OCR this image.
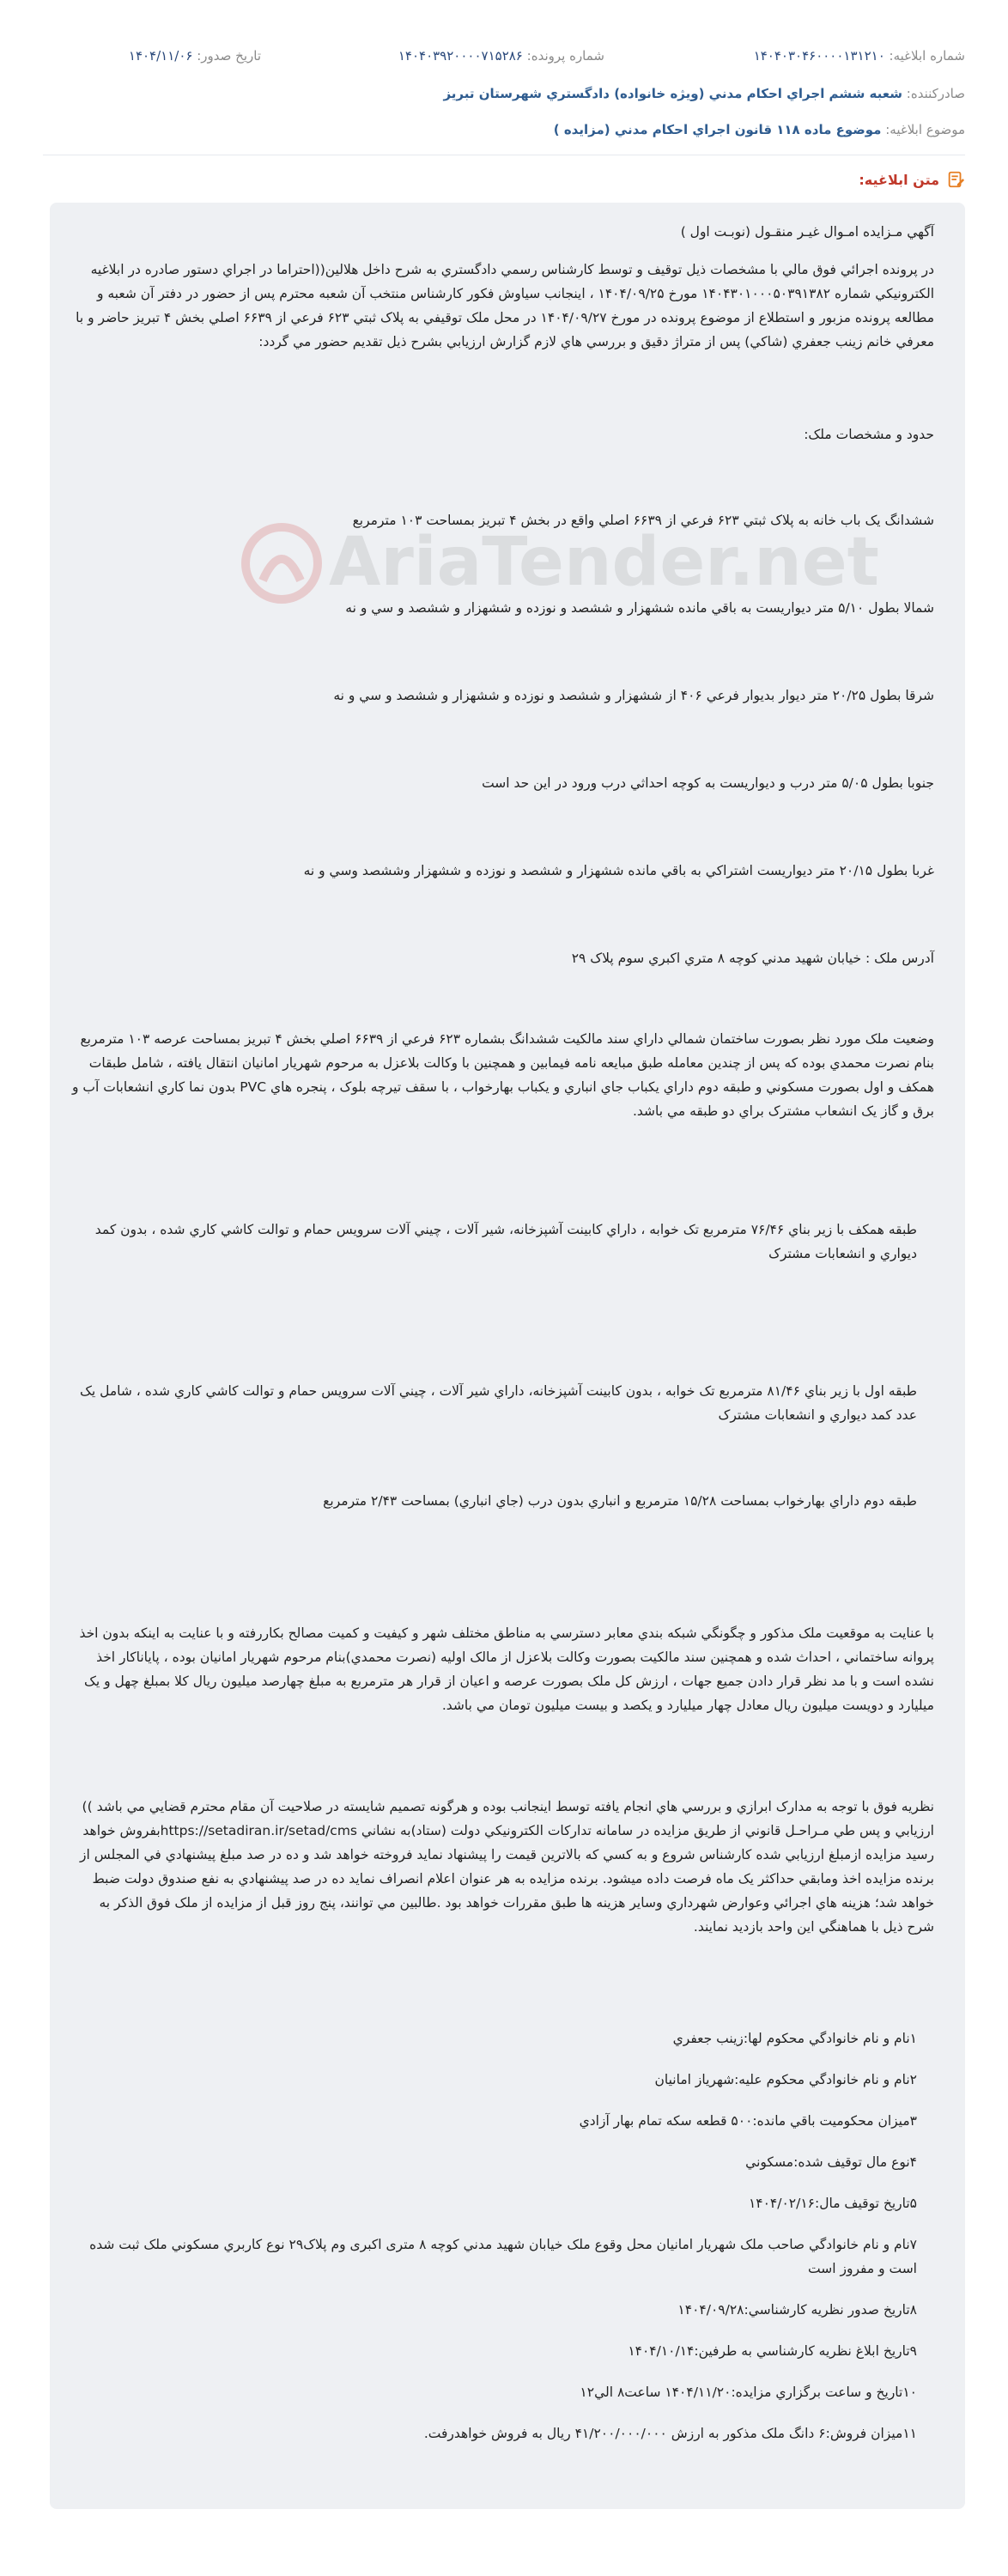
شماره ابلاغيه: ۱۴۰۴۰۳۰۴۶۰۰۰۰۱۳۱۲۱۰
شماره پرونده: ۱۴۰۴۰۳۹۲۰۰۰۰۷۱۵۲۸۶
تاريخ صدور: ۱۴۰۴/۱۱/۰۶
صادرکننده: شعبه ششم اجراي احکام مدني (ويژه خانواده) دادگستري شهرستان تبريز
موضوع ابلاغيه: موضوع ماده ۱۱۸ قانون اجراي احکام مدني (مزايده )
متن ابلاغيه:
AriaTender.net
آگهي مـزايده امـوال غيـر منقـول (نوبـت اول )
در پرونده اجرائي فوق مالي با مشخصات ذيل توقيف و توسط کارشناس رسمي دادگستري به شرح داخل هلالين((احتراما در اجراي دستور صادره در ابلاغيه الکترونيکي شماره ۱۴۰۴۳۰۱۰۰۰۵۰۳۹۱۳۸۲ مورخ ۱۴۰۴/۰۹/۲۵ ، اينجانب سياوش فکور کارشناس منتخب آن شعبه محترم پس از حضور در دفتر آن شعبه و مطالعه پرونده مزبور و استطلاع از موضوع پرونده در مورخ ۱۴۰۴/۰۹/۲۷ در محل ملک توقيفي به پلاک ثبتي ۶۲۳ فرعي از ۶۶۳۹ اصلي بخش ۴ تبريز حاضر و با معرفي خانم زينب جعفري (شاکي) پس از متراژ دقيق و بررسي هاي لازم گزارش ارزيابي بشرح ذيل تقديم حضور مي گردد:
حدود و مشخصات ملک:
ششدانگ يک باب خانه به پلاک ثبتي ۶۲۳ فرعي از ۶۶۳۹ اصلي واقع در بخش ۴ تبريز بمساحت ۱۰۳ مترمربع
شمالا بطول ۵/۱۰ متر ديواريست به باقي مانده ششهزار و ششصد و نوزده و ششهزار و ششصد و سي و نه
شرقا بطول ۲۰/۲۵ متر ديوار بديوار فرعي ۴۰۶ از ششهزار و ششصد و نوزده و ششهزار و ششصد و سي و نه
جنوبا بطول ۵/۰۵ متر درب و ديواريست به کوچه احداثي درب ورود در اين حد است
غربا بطول ۲۰/۱۵ متر ديواريست اشتراکي به باقي مانده ششهزار و ششصد و نوزده و ششهزار وششصد وسي و نه
آدرس ملک : خيابان شهيد مدني کوچه ۸ متري اکبري سوم پلاک ۲۹
وضعيت ملک مورد نظر بصورت ساختمان شمالي داراي سند مالکيت ششدانگ بشماره ۶۲۳ فرعي از ۶۶۳۹ اصلي بخش ۴ تبريز بمساحت عرصه ۱۰۳ مترمربع بنام نصرت محمدي بوده که پس از چندين معامله طبق مبايعه نامه فيمابين و همچنين با وکالت بلاعزل به مرحوم شهريار امانيان انتقال يافته ، شامل طبقات همکف و اول بصورت مسکوني و طبقه دوم داراي يکباب جاي انباري و يکباب بهارخواب ، با سقف تيرچه بلوک ، پنجره هاي PVC بدون نما کاري انشعابات آب و برق و گاز يک انشعاب مشترک براي دو طبقه مي باشد.
طبقه همکف با زير بناي ۷۶/۴۶ مترمربع تک خوابه ، داراي کابينت آشپزخانه، شير آلات ، چيني آلات سرويس حمام و توالت کاشي کاري شده ، بدون کمد ديواري و انشعابات مشترک
طبقه اول با زير بناي ۸۱/۴۶ مترمربع تک خوابه ، بدون کابينت آشپزخانه، داراي شير آلات ، چيني آلات سرويس حمام و توالت کاشي کاري شده ، شامل يک عدد کمد ديواري و انشعابات مشترک
طبقه دوم داراي بهارخواب بمساحت ۱۵/۲۸ مترمربع و انباري بدون درب (جاي انباري) بمساحت ۲/۴۳ مترمربع
با عنايت به موقعيت ملک مذکور و چگونگي شبکه بندي معابر دسترسي به مناطق مختلف شهر و کيفيت و کميت مصالح بکاررفته و با عنايت به اينکه بدون اخذ پروانه ساختماني ، احداث شده و همچنين سند مالکيت بصورت وکالت بلاعزل از مالک اوليه (نصرت محمدي)بنام مرحوم شهريار امانيان بوده ، پاياناکار اخذ نشده است و با مد نظر قرار دادن جميع جهات ، ارزش کل ملک بصورت عرصه و اعيان از قرار هر مترمربع به مبلغ چهارصد ميليون ريال کلا بمبلغ چهل و يک ميليارد و دويست ميليون ريال معادل چهار ميليارد و يکصد و بيست ميليون تومان مي باشد.
نظريه فوق با توجه به مدارک ابرازي و بررسي هاي انجام يافته توسط اينجانب بوده و هرگونه تصميم شايسته در صلاحيت آن مقام محترم قضايي مي باشد )) ارزيابي و پس طي مـراحـل قانوني از طريق مزايده در سامانه تدارکات الکترونيکي دولت (ستاد)به نشاني https://setadiran.ir/setad/cmsبفروش خواهد رسيد مزايده ازمبلغ ارزيابي شده کارشناس شروع و به کسي که بالاترين قيمت را پيشنهاد نمايد فروخته خواهد شد و ده در صد مبلغ پيشنهادي في المجلس از برنده مزايده اخذ ومابقي حداکثر يک ماه فرصت داده ميشود. برنده مزايده به هر عنوان اعلام انصراف نمايد ده در صد پيشنهادي به نفع صندوق دولت ضبط خواهد شد؛ هزينه هاي اجرائي وعوارض شهرداري وساير هزينه ها طبق مقررات خواهد بود .طالبين مي توانند، پنج روز قبل از مزايده از ملک فوق الذکر به شرح ذيل با هماهنگي اين واحد بازديد نمايند.
۱نام و نام خانوادگي محکوم لها:زينب جعفري
۲نام و نام خانوادگي محکوم عليه:شهرياز امانيان
۳ميزان محکوميت باقي مانده:۵۰۰ قطعه سکه تمام بهار آزادي
۴نوع مال توقيف شده:مسکوني
۵تاريخ توقيف مال:۱۴۰۴/۰۲/۱۶
۷نام و نام خانوادگي صاحب ملک شهريار امانيان محل وقوع ملک خيابان شهيد مدني کوچه ۸ متری اکبری وم پلاک۲۹ نوع کاربري مسکوني ملک ثبت شده است و مفروز است
۸تاريخ صدور نظريه کارشناسي:۱۴۰۴/۰۹/۲۸
۹تاريخ ابلاغ نظريه کارشناسي به طرفين:۱۴۰۴/۱۰/۱۴
۱۰تاريخ و ساعت برگزاري مزايده:۱۴۰۴/۱۱/۲۰ ساعت۸ الي۱۲
۱۱ميزان فروش:۶ دانگ ملک مذکور به ارزش ۴۱/۲۰۰/۰۰۰/۰۰۰ ريال به فروش خواهدرفت.
